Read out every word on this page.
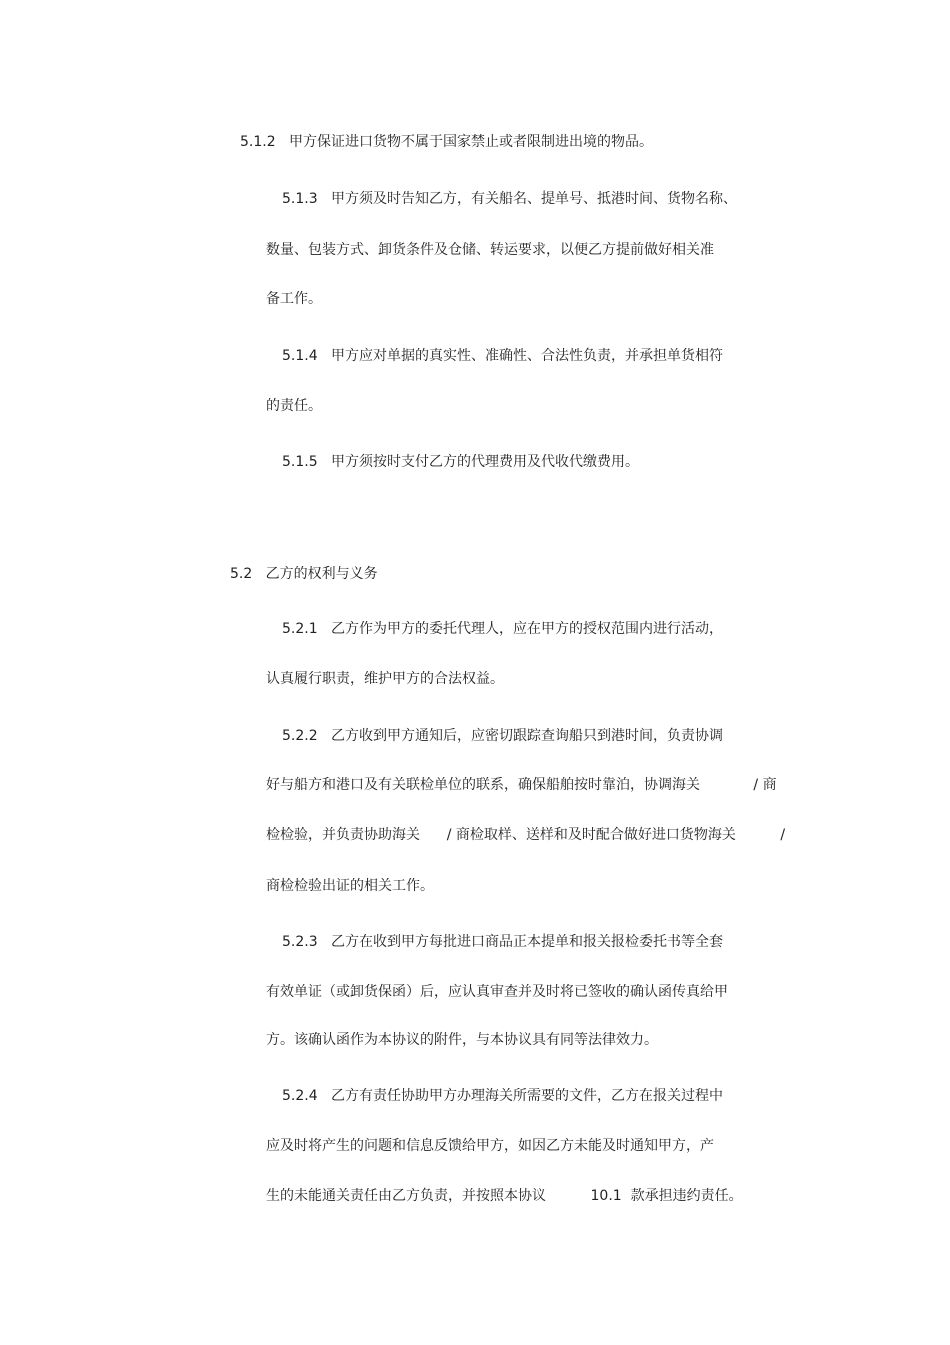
5.1.2   甲方保证进口货物不属于国家禁止或者限制进出境的物品。
5.1.3   甲方须及时告知乙方，有关船名、提单号、抵港时间、货物名称、
数量、包装方式、卸货条件及仓储、转运要求，以便乙方提前做好相关准
备工作。
5.1.4   甲方应对单据的真实性、准确性、合法性负责，并承担单货相符
的责任。
5.1.5   甲方须按时支付乙方的代理费用及代收代缴费用。
5.2   乙方的权利与义务
5.2.1   乙方作为甲方的委托代理人，应在甲方的授权范围内进行活动，
认真履行职责，维护甲方的合法权益。
5.2.2   乙方收到甲方通知后，应密切跟踪查询船只到港时间，负责协调
好与船方和港口及有关联检单位的联系，确保船舶按时靠泊，协调海关            / 商
检检验，并负责协助海关      / 商检取样、送样和及时配合做好进口货物海关          /
商检检验出证的相关工作。
5.2.3   乙方在收到甲方每批进口商品正本提单和报关报检委托书等全套
有效单证（或卸货保函）后，应认真审查并及时将已签收的确认函传真给甲
方。该确认函作为本协议的附件，与本协议具有同等法律效力。
5.2.4   乙方有责任协助甲方办理海关所需要的文件，乙方在报关过程中
应及时将产生的问题和信息反馈给甲方，如因乙方未能及时通知甲方，产
生的未能通关责任由乙方负责，并按照本协议          10.1  款承担违约责任。
